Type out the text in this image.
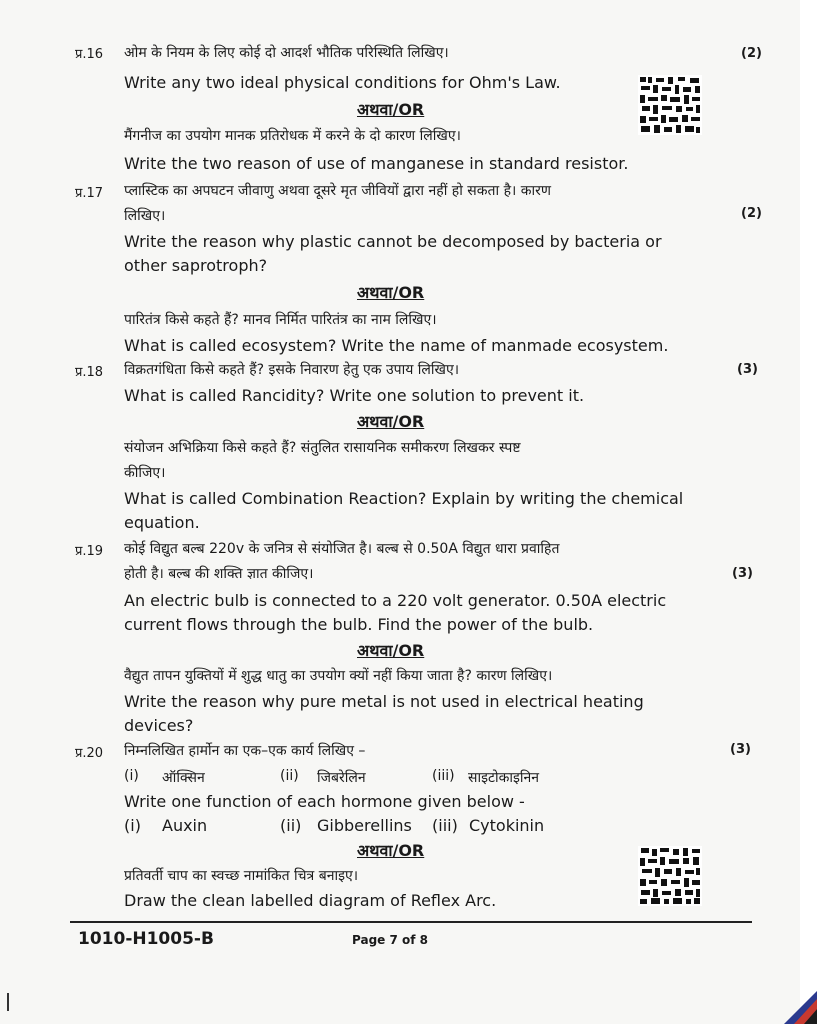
प्र.16 ओम के नियम के लिए कोई दो आदर्श भौतिक परिस्थिति लिखिए।	(2)
Write any two ideal physical conditions for Ohm's Law.
अथवा/OR
मैंगनीज का उपयोग मानक प्रतिरोधक में करने के दो कारण लिखिए।
Write the two reason of use of manganese in standard resistor.
प्र.17 प्लास्टिक का अपघटन जीवाणु अथवा दूसरे मृत जीवियों द्वारा नहीं हो सकता है। कारण
लिखिए।	(2)
Write the reason why plastic cannot be decomposed by bacteria or
other saprotroph?
अथवा/OR
पारितंत्र किसे कहते हैं? मानव निर्मित पारितंत्र का नाम लिखिए।
What is called ecosystem? Write the name of manmade ecosystem.
प्र.18 विक्रतगंधिता किसे कहते हैं? इसके निवारण हेतु एक उपाय लिखिए।	(3)
What is called Rancidity? Write one solution to prevent it.
अथवा/OR
संयोजन अभिक्रिया किसे कहते हैं? संतुलित रासायनिक समीकरण लिखकर स्पष्ट
कीजिए।
What is called Combination Reaction? Explain by writing the chemical
equation.
प्र.19 कोई विद्युत बल्ब 220v के जनित्र से संयोजित है। बल्ब से 0.50A विद्युत धारा प्रवाहित
होती है। बल्ब की शक्ति ज्ञात कीजिए।	(3)
An electric bulb is connected to a 220 volt generator. 0.50A electric
current flows through the bulb. Find the power of the bulb.
अथवा/OR
वैद्युत तापन युक्तियों में शुद्ध धातु का उपयोग क्यों नहीं किया जाता है? कारण लिखिए।
Write the reason why pure metal is not used in electrical heating
devices?
प्र.20 निम्नलिखित हार्मोन का एक–एक कार्य लिखिए –	(3)
(i) ऑक्सिन	(ii) जिबरेलिन	(iii) साइटोकाइनिन
Write one function of each hormone given below -
(i) Auxin	(ii) Gibberellins (iii) Cytokinin
अथवा/OR
प्रतिवर्ती चाप का स्वच्छ नामांकित चित्र बनाइए।
Draw the clean labelled diagram of Reflex Arc.
1010-H1005-B	Page 7 of 8
